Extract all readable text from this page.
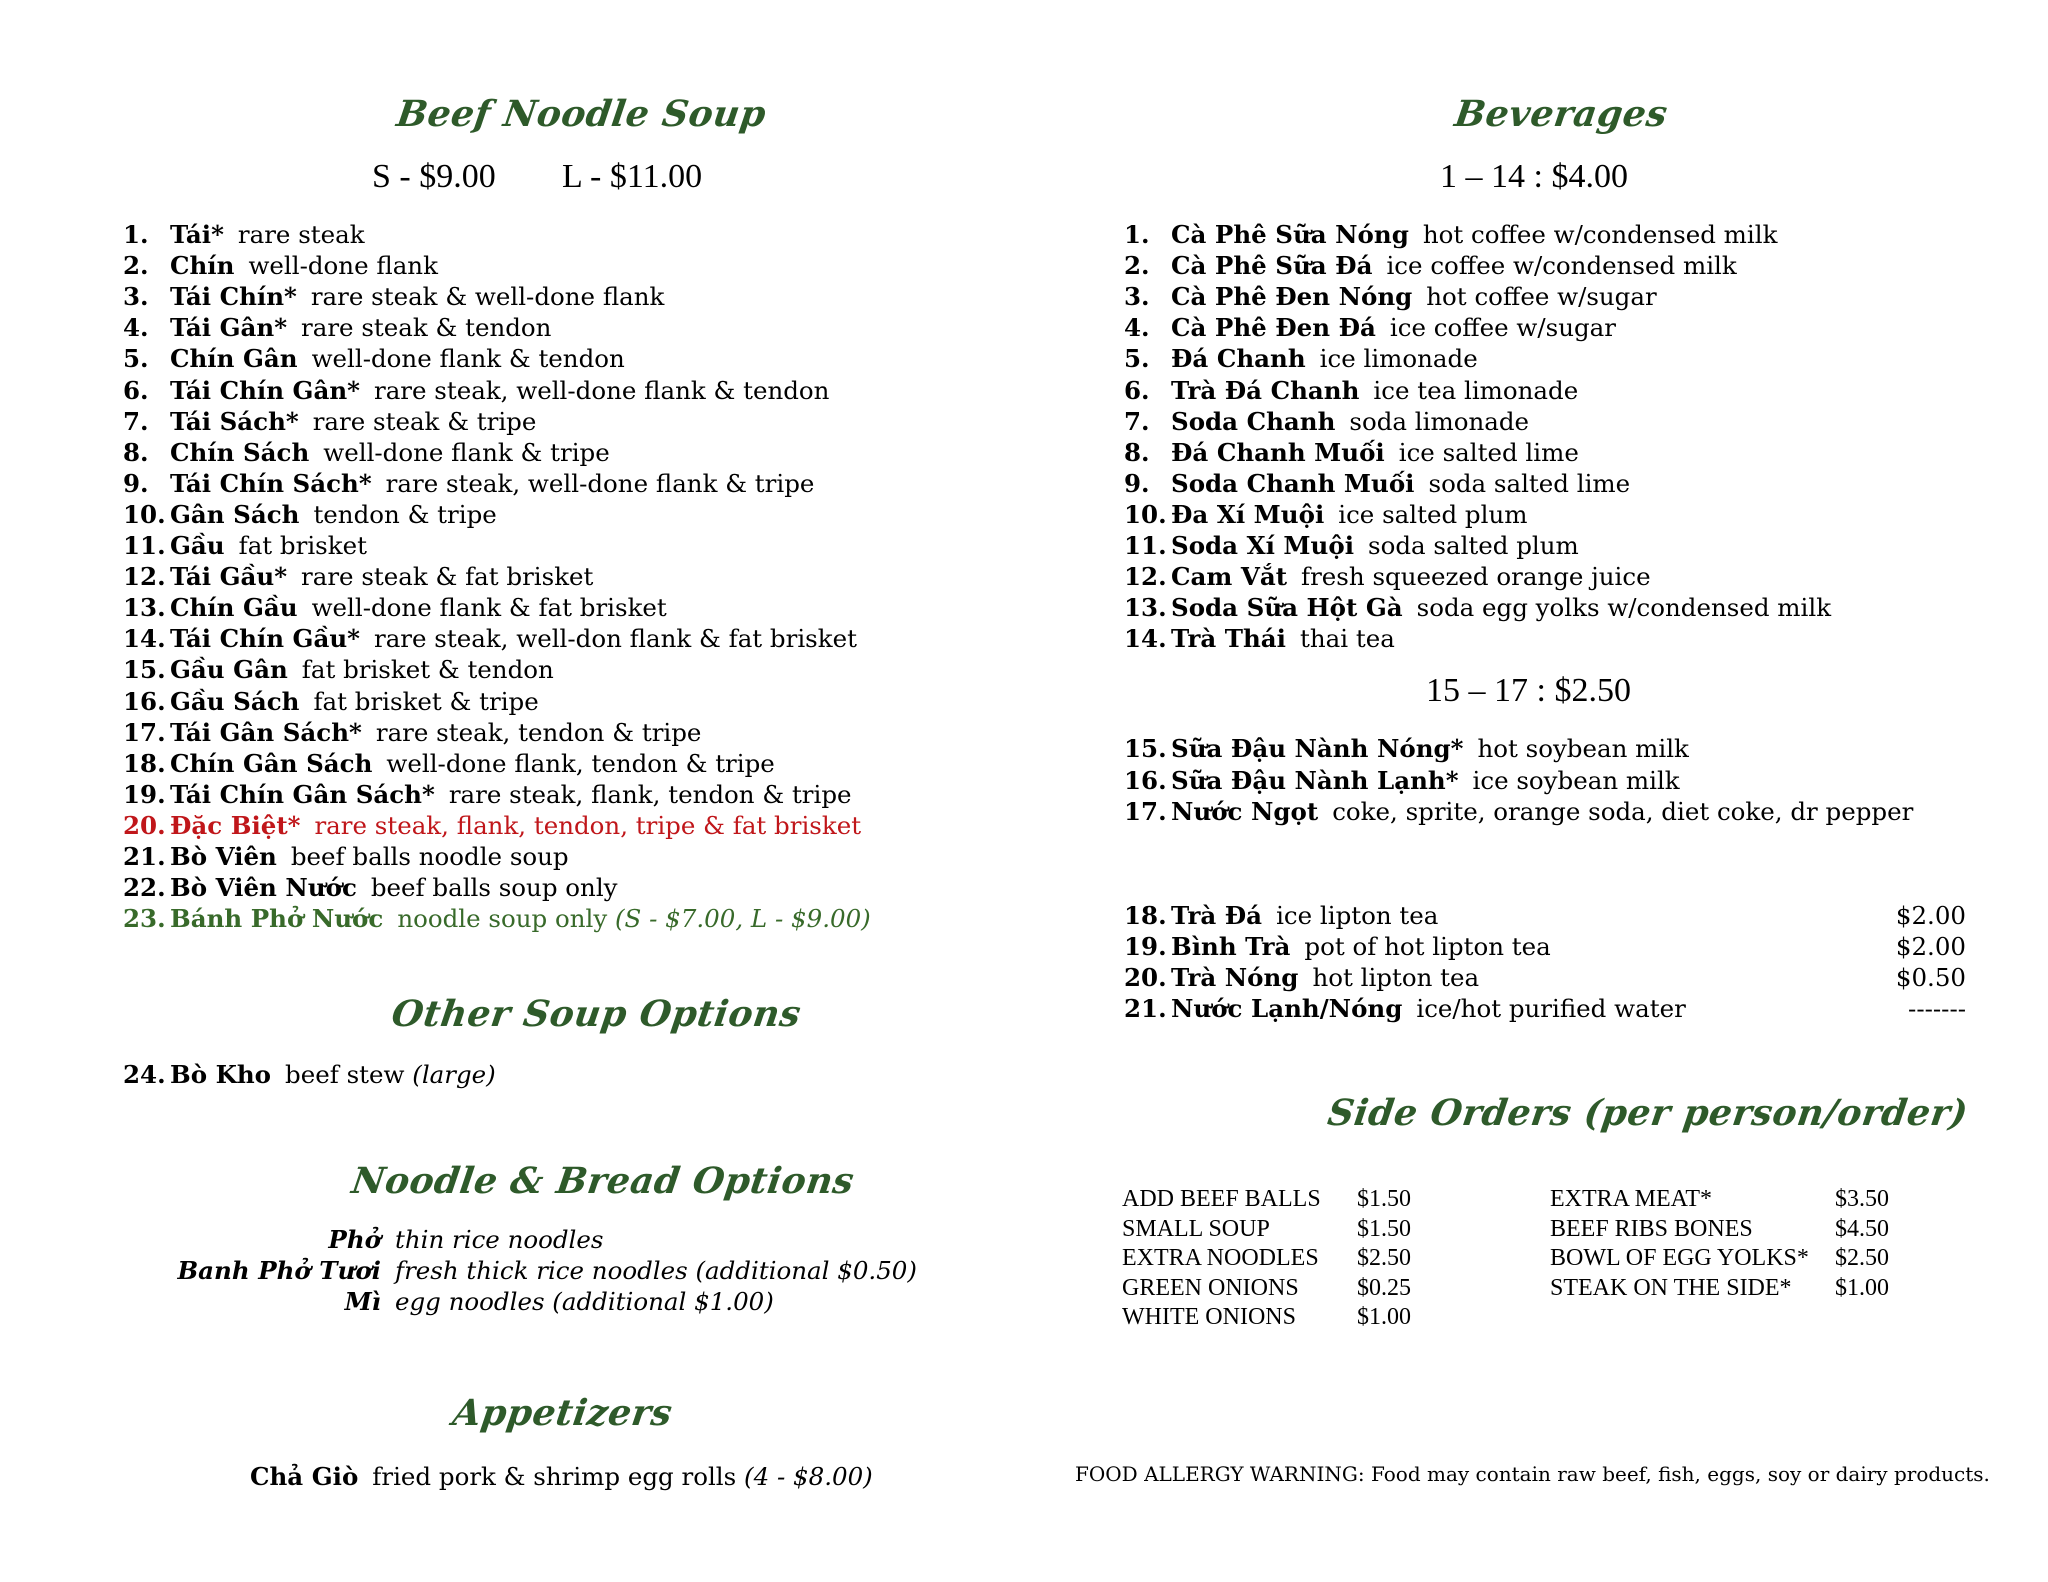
Beef Noodle Soup
S - $9.00 L - $11.00
1. Tái* rare steak
2. Chín well-done flank
3. Tái Chín* rare steak & well-done flank
4. Tái Gân* rare steak & tendon
5. Chín Gân well-done flank & tendon
6. Tái Chín Gân* rare steak, well-done flank & tendon
7. Tái Sách* rare steak & tripe
8. Chín Sách well-done flank & tripe
9. Tái Chín Sách* rare steak, well-done flank & tripe
10. Gân Sách tendon & tripe
11. Gầu fat brisket
12. Tái Gầu* rare steak & fat brisket
13. Chín Gầu well-done flank & fat brisket
14. Tái Chín Gầu* rare steak, well-don flank & fat brisket
15. Gầu Gân fat brisket & tendon
16. Gầu Sách fat brisket & tripe
17. Tái Gân Sách* rare steak, tendon & tripe
18. Chín Gân Sách well-done flank, tendon & tripe
19. Tái Chín Gân Sách* rare steak, flank, tendon & tripe
20. Đặc Biệt* rare steak, flank, tendon, tripe & fat brisket
21. Bò Viên beef balls noodle soup
22. Bò Viên Nước beef balls soup only
23. Bánh Phở Nước noodle soup only (S - $7.00, L - $9.00)
Other Soup Options
24. Bò Kho beef stew (large)
Noodle & Bread Options
Phở thin rice noodles
Banh Phở Tươi fresh thick rice noodles (additional $0.50)
Mì egg noodles (additional $1.00)
Appetizers
Chả Giò fried pork & shrimp egg rolls (4 - $8.00)
Beverages
1 – 14 : $4.00
1. Cà Phê Sữa Nóng hot coffee w/condensed milk
2. Cà Phê Sữa Đá ice coffee w/condensed milk
3. Cà Phê Đen Nóng hot coffee w/sugar
4. Cà Phê Đen Đá ice coffee w/sugar
5. Đá Chanh ice limonade
6. Trà Đá Chanh ice tea limonade
7. Soda Chanh soda limonade
8. Đá Chanh Muối ice salted lime
9. Soda Chanh Muối soda salted lime
10. Đa Xí Muội ice salted plum
11. Soda Xí Muội soda salted plum
12. Cam Vắt fresh squeezed orange juice
13. Soda Sữa Hột Gà soda egg yolks w/condensed milk
14. Trà Thái thai tea
15 – 17 : $2.50
15. Sữa Đậu Nành Nóng* hot soybean milk
16. Sữa Đậu Nành Lạnh* ice soybean milk
17. Nước Ngọt coke, sprite, orange soda, diet coke, dr pepper
18. Trà Đá ice lipton tea	$2.00
19. Bình Trà pot of hot lipton tea	$2.00
20. Trà Nóng hot lipton tea	$0.50
21. Nước Lạnh/Nóng ice/hot purified water	-------
Side Orders (per person/order)
ADD BEEF BALLS $1.50
SMALL SOUP	$1.50
EXTRA NOODLES $2.50
GREEN ONIONS $0.25
WHITE ONIONS	$1.00
EXTRA MEAT*	$3.50
BEEF RIBS BONES	$4.50
BOWL OF EGG YOLKS* $2.50
STEAK ON THE SIDE* $1.00
FOOD ALLERGY WARNING: Food may contain raw beef, fish, eggs, soy or dairy products.
